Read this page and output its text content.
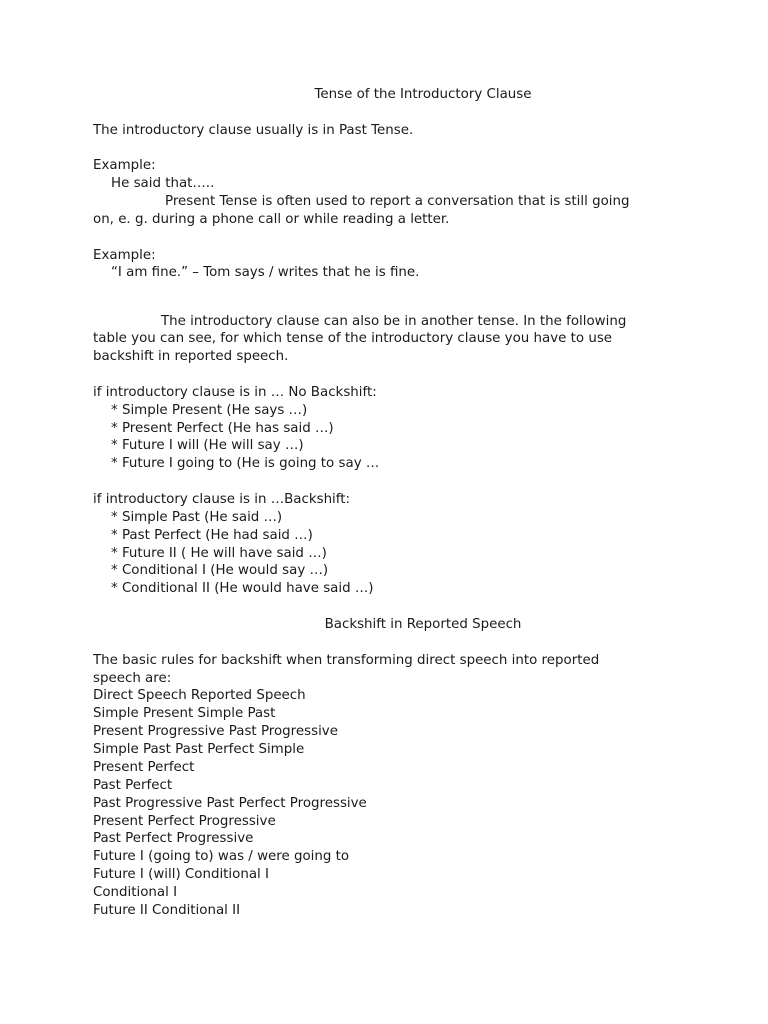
Tense of the Introductory Clause
The introductory clause usually is in Past Tense.
Example:
He said that…..
Present Tense is often used to report a conversation that is still going
on, e. g. during a phone call or while reading a letter.
Example:
“I am fine.” – Tom says / writes that he is fine.
The introductory clause can also be in another tense. In the following
table you can see, for which tense of the introductory clause you have to use
backshift in reported speech.
if introductory clause is in … No Backshift:
* Simple Present (He says …)
* Present Perfect (He has said …)
* Future I will (He will say …)
* Future I going to (He is going to say …
if introductory clause is in …Backshift:
* Simple Past (He said …)
* Past Perfect (He had said …)
* Future II ( He will have said …)
* Conditional I (He would say …)
* Conditional II (He would have said …)
Backshift in Reported Speech
The basic rules for backshift when transforming direct speech into reported
speech are:
Direct Speech Reported Speech
Simple Present Simple Past
Present Progressive Past Progressive
Simple Past Past Perfect Simple
Present Perfect
Past Perfect
Past Progressive Past Perfect Progressive
Present Perfect Progressive
Past Perfect Progressive
Future I (going to) was / were going to
Future I (will) Conditional I
Conditional I
Future II Conditional II
